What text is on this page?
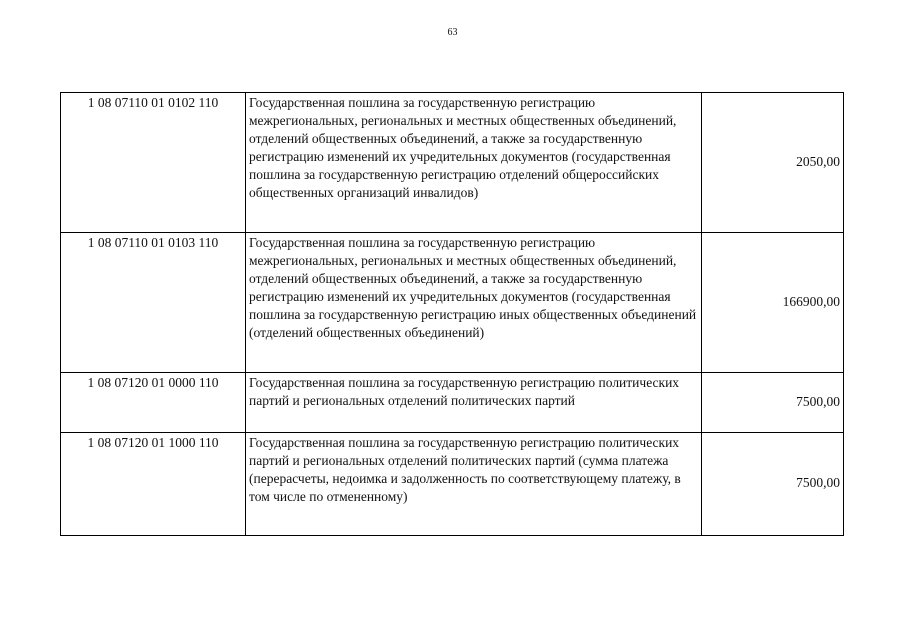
63
1 08 07110 01 0102 110	Государственная пошлина за государственную регистрацию межрегиональных, региональных и местных общественных объединений, отделений общественных объединений, а также за государственную регистрацию изменений их учредительных документов (государственная пошлина за государственную регистрацию отделений общероссийских общественных организаций инвалидов)	2050,00
1 08 07110 01 0103 110	Государственная пошлина за государственную регистрацию межрегиональных, региональных и местных общественных объединений, отделений общественных объединений, а также за государственную регистрацию изменений их учредительных документов (государственная пошлина за государственную регистрацию иных общественных объединений (отделений общественных объединений)	166900,00
1 08 07120 01 0000 110	Государственная пошлина за государственную регистрацию политических партий и региональных отделений политических партий	7500,00
1 08 07120 01 1000 110	Государственная пошлина за государственную регистрацию политических партий и региональных отделений политических партий (сумма платежа (перерасчеты, недоимка и задолженность по соответствующему платежу, в том числе по отмененному)	7500,00
